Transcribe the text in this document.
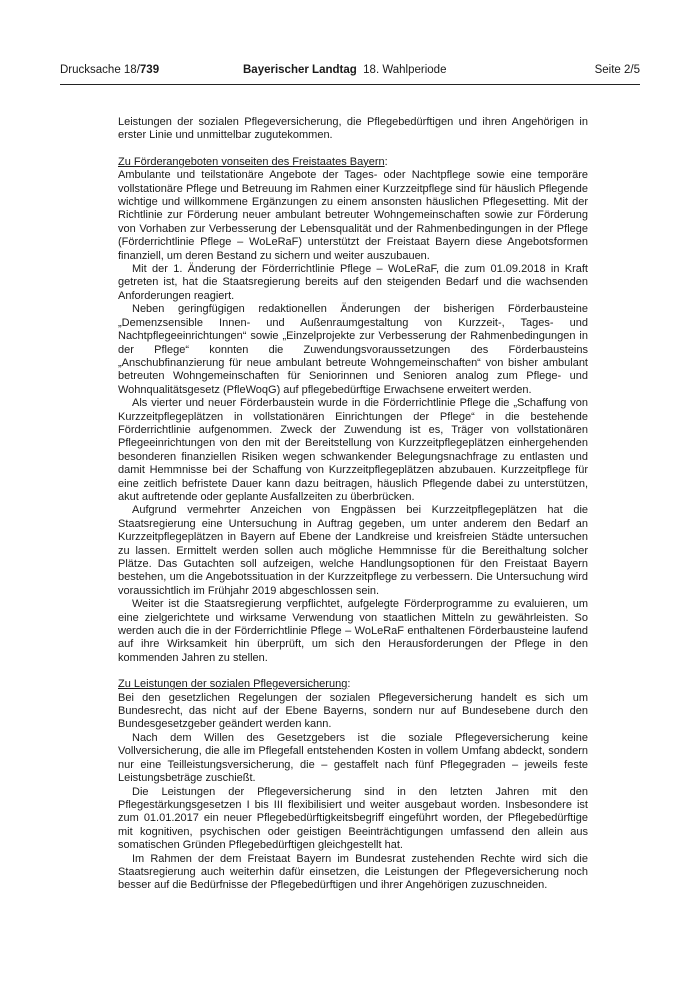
Drucksache 18/739	Bayerischer Landtag 18. Wahlperiode	Seite 2/5

Leistungen der sozialen Pflegeversicherung, die Pflegebedürftigen und ihren Angehörigen in erster Linie und unmittelbar zugutekommen.

Zu Förderangeboten vonseiten des Freistaates Bayern:

Ambulante und teilstationäre Angebote der Tages- oder Nachtpflege sowie eine temporäre vollstationäre Pflege und Betreuung im Rahmen einer Kurzzeitpflege sind für häuslich Pflegende wichtige und willkommene Ergänzungen zu einem ansonsten häuslichen Pflegesetting. Mit der Richtlinie zur Förderung neuer ambulant betreuter Wohngemeinschaften sowie zur Förderung von Vorhaben zur Verbesserung der Lebensqualität und der Rahmenbedingungen in der Pflege (Förderrichtlinie Pflege – WoLeRaF) unterstützt der Freistaat Bayern diese Angebotsformen finanziell, um deren Bestand zu sichern und weiter auszubauen.

Mit der 1. Änderung der Förderrichtlinie Pflege – WoLeRaF, die zum 01.09.2018 in Kraft getreten ist, hat die Staatsregierung bereits auf den steigenden Bedarf und die wachsenden Anforderungen reagiert.

Neben geringfügigen redaktionellen Änderungen der bisherigen Förderbausteine „Demenzsensible Innen- und Außenraumgestaltung von Kurzzeit-, Tages- und Nachtpflegeeinrichtungen“ sowie „Einzelprojekte zur Verbesserung der Rahmenbedingungen in der Pflege“ konnten die Zuwendungsvoraussetzungen des Förderbausteins „Anschubfinanzierung für neue ambulant betreute Wohngemeinschaften“ von bisher ambulant betreuten Wohngemeinschaften für Seniorinnen und Senioren analog zum Pflege- und Wohnqualitätsgesetz (PfleWoqG) auf pflegebedürftige Erwachsene erweitert werden.

Als vierter und neuer Förderbaustein wurde in die Förderrichtlinie Pflege die „Schaffung von Kurzzeitpflegeplätzen in vollstationären Einrichtungen der Pflege“ in die bestehende Förderrichtlinie aufgenommen. Zweck der Zuwendung ist es, Träger von vollstationären Pflegeeinrichtungen von den mit der Bereitstellung von Kurzzeitpflegeplätzen einhergehenden besonderen finanziellen Risiken wegen schwankender Belegungsnachfrage zu entlasten und damit Hemmnisse bei der Schaffung von Kurzzeitpflegeplätzen abzubauen. Kurzzeitpflege für eine zeitlich befristete Dauer kann dazu beitragen, häuslich Pflegende dabei zu unterstützen, akut auftretende oder geplante Ausfallzeiten zu überbrücken.

Aufgrund vermehrter Anzeichen von Engpässen bei Kurzzeitpflegeplätzen hat die Staatsregierung eine Untersuchung in Auftrag gegeben, um unter anderem den Bedarf an Kurzzeitpflegeplätzen in Bayern auf Ebene der Landkreise und kreisfreien Städte untersuchen zu lassen. Ermittelt werden sollen auch mögliche Hemmnisse für die Bereithaltung solcher Plätze. Das Gutachten soll aufzeigen, welche Handlungsoptionen für den Freistaat Bayern bestehen, um die Angebotssituation in der Kurzzeitpflege zu verbessern. Die Untersuchung wird voraussichtlich im Frühjahr 2019 abgeschlossen sein.

Weiter ist die Staatsregierung verpflichtet, aufgelegte Förderprogramme zu evaluieren, um eine zielgerichtete und wirksame Verwendung von staatlichen Mitteln zu gewährleisten. So werden auch die in der Förderrichtlinie Pflege – WoLeRaF enthaltenen Förderbausteine laufend auf ihre Wirksamkeit hin überprüft, um sich den Herausforderungen der Pflege in den kommenden Jahren zu stellen.

Zu Leistungen der sozialen Pflegeversicherung:

Bei den gesetzlichen Regelungen der sozialen Pflegeversicherung handelt es sich um Bundesrecht, das nicht auf der Ebene Bayerns, sondern nur auf Bundesebene durch den Bundesgesetzgeber geändert werden kann.

Nach dem Willen des Gesetzgebers ist die soziale Pflegeversicherung keine Vollversicherung, die alle im Pflegefall entstehenden Kosten in vollem Umfang abdeckt, sondern nur eine Teilleistungsversicherung, die – gestaffelt nach fünf Pflegegraden – jeweils feste Leistungsbeträge zuschießt.

Die Leistungen der Pflegeversicherung sind in den letzten Jahren mit den Pflegestärkungsgesetzen I bis III flexibilisiert und weiter ausgebaut worden. Insbesondere ist zum 01.01.2017 ein neuer Pflegebedürftigkeitsbegriff eingeführt worden, der Pflegebedürftige mit kognitiven, psychischen oder geistigen Beeinträchtigungen umfassend den allein aus somatischen Gründen Pflegebedürftigen gleichgestellt hat.

Im Rahmen der dem Freistaat Bayern im Bundesrat zustehenden Rechte wird sich die Staatsregierung auch weiterhin dafür einsetzen, die Leistungen der Pflegeversicherung noch besser auf die Bedürfnisse der Pflegebedürftigen und ihrer Angehörigen zuzuschneiden.
